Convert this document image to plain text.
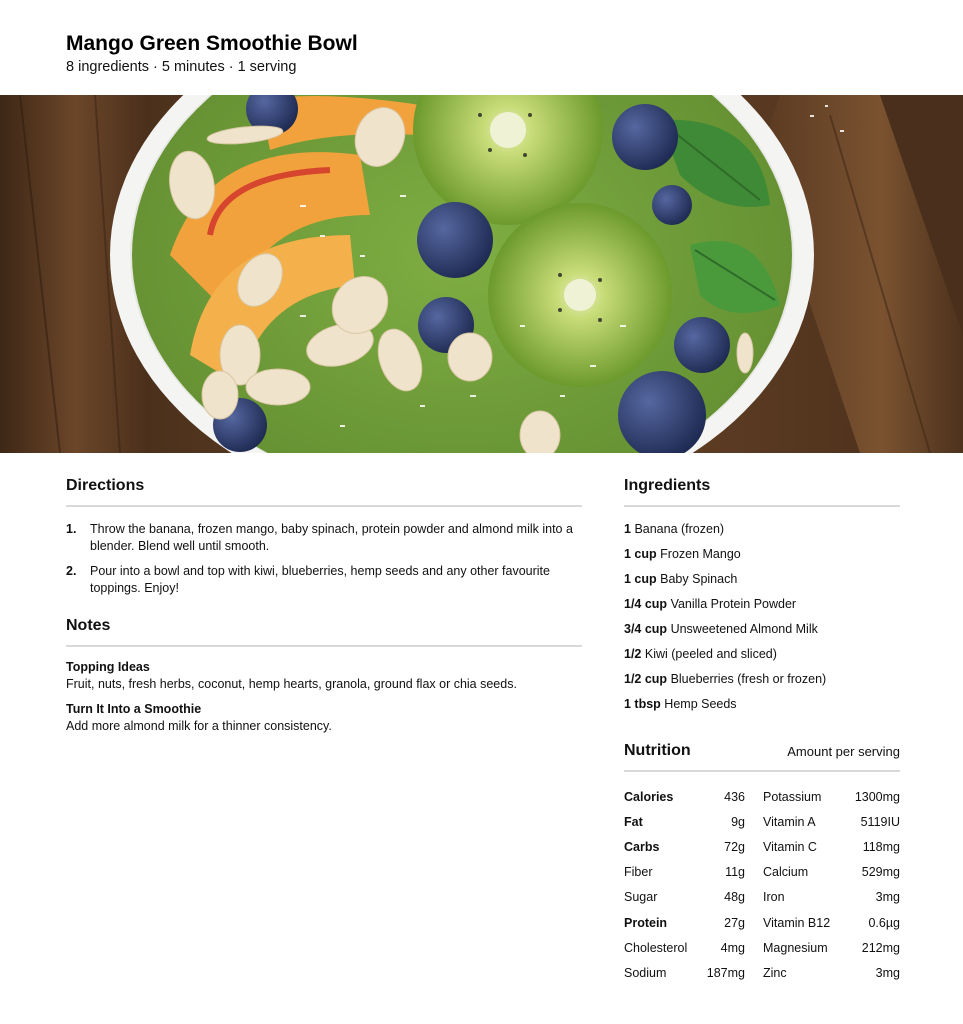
Mango Green Smoothie Bowl
8 ingredients · 5 minutes · 1 serving
Directions
1.	Throw the banana, frozen mango, baby spinach, protein powder and almond milk into a blender. Blend well until smooth.
2.	Pour into a bowl and top with kiwi, blueberries, hemp seeds and any other favourite toppings. Enjoy!
Notes
Topping Ideas
Fruit, nuts, fresh herbs, coconut, hemp hearts, granola, ground flax or chia seeds.
Turn It Into a Smoothie
Add more almond milk for a thinner consistency.
Ingredients
1 Banana (frozen)
1 cup Frozen Mango
1 cup Baby Spinach
1/4 cup Vanilla Protein Powder
3/4 cup Unsweetened Almond Milk
1/2 Kiwi (peeled and sliced)
1/2 cup Blueberries (fresh or frozen)
1 tbsp Hemp Seeds
Nutrition	Amount per serving
Calories	436	Potassium	1300mg
Fat	9g	Vitamin A	5119IU
Carbs	72g	Vitamin C	118mg
Fiber	11g	Calcium	529mg
Sugar	48g	Iron	3mg
Protein	27g	Vitamin B12	0.6µg
Cholesterol	4mg	Magnesium	212mg
Sodium	187mg	Zinc	3mg
